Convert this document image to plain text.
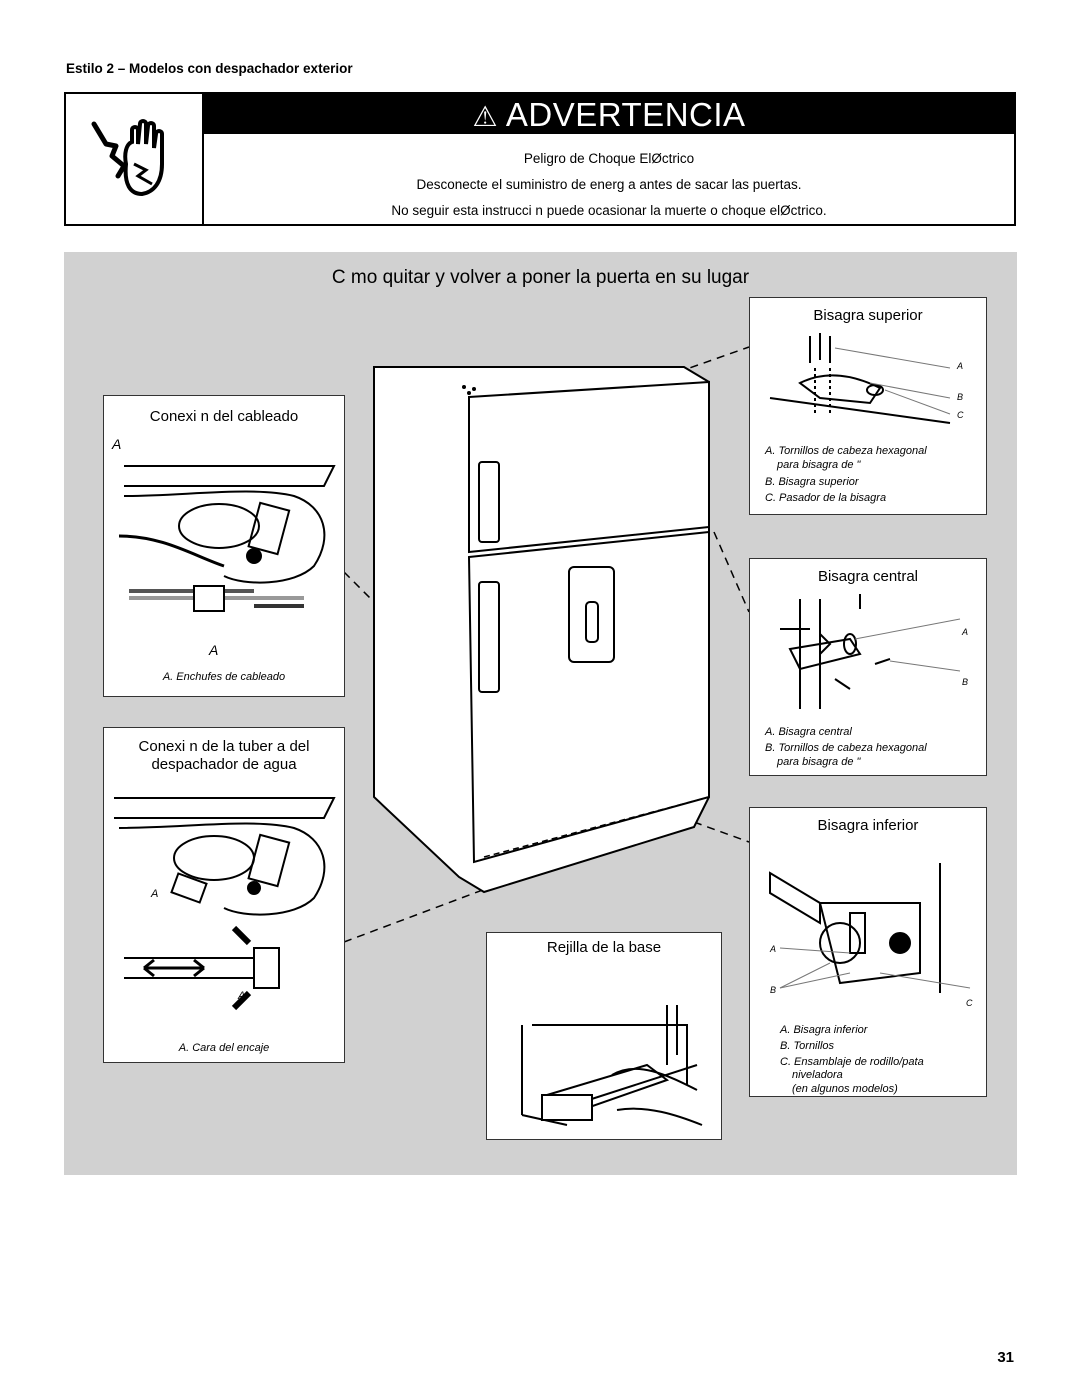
Estilo 2 – Modelos con despachador exterior
⚠ ADVERTENCIA
Peligro de Choque ElØctrico
Desconecte el suministro de energ a antes de sacar las puertas.
No seguir esta instrucci n puede ocasionar la muerte o choque elØctrico.
C mo quitar y volver a poner la puerta en su lugar
Conexi n del cableado
A
A
A. Enchufes de cableado
Conexi n de la tuber a del
despachador de agua
A
A
A. Cara del encaje
Bisagra superior
A
B
C
A. Tornillos de cabeza hexagonal
para bisagra de "
B. Bisagra superior
C. Pasador de la bisagra
Bisagra central
A
B
A. Bisagra central
B. Tornillos de cabeza hexagonal
para bisagra de "
Bisagra inferior
A
B
C
A. Bisagra inferior
B. Tornillos
C. Ensamblaje de rodillo/pata
niveladora
(en algunos modelos)
Rejilla de la base
31
